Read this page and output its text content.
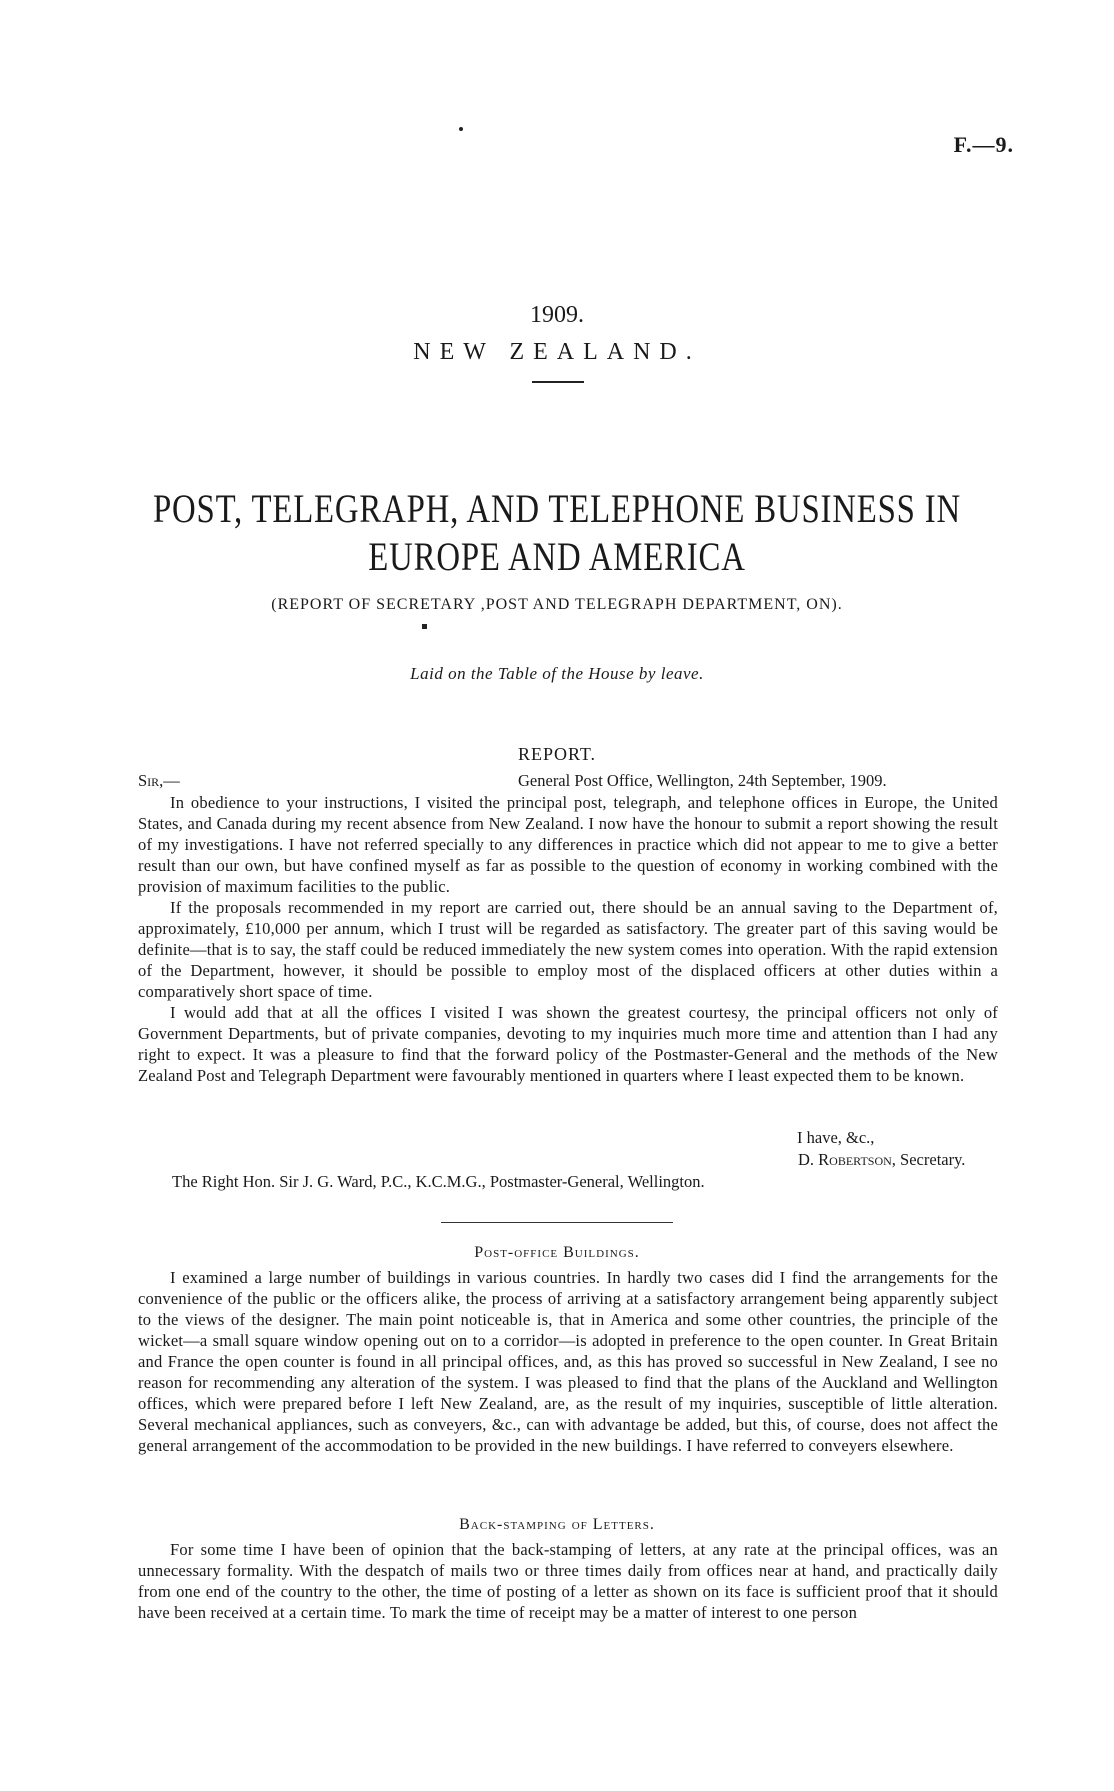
F.—9.
1909.
NEW ZEALAND.
POST, TELEGRAPH, AND TELEPHONE BUSINESS IN
EUROPE AND AMERICA
(REPORT OF SECRETARY ,POST AND TELEGRAPH DEPARTMENT, ON).
Laid on the Table of the House by leave.
REPORT.
Sir,—	General Post Office, Wellington, 24th September, 1909.

In obedience to your instructions, I visited the principal post, telegraph, and telephone offices in Europe, the United States, and Canada during my recent absence from New Zealand. I now have the honour to submit a report showing the result of my investigations. I have not referred specially to any differences in practice which did not appear to me to give a better result than our own, but have confined myself as far as possible to the question of economy in working combined with the provision of maximum facilities to the public.

If the proposals recommended in my report are carried out, there should be an annual saving to the Department of, approximately, £10,000 per annum, which I trust will be regarded as satisfactory. The greater part of this saving would be definite—that is to say, the staff could be reduced immediately the new system comes into operation. With the rapid extension of the Department, however, it should be possible to employ most of the displaced officers at other duties within a comparatively short space of time.

I would add that at all the offices I visited I was shown the greatest courtesy, the principal officers not only of Government Departments, but of private companies, devoting to my inquiries much more time and attention than I had any right to expect. It was a pleasure to find that the forward policy of the Postmaster-General and the methods of the New Zealand Post and Telegraph Department were favourably mentioned in quarters where I least expected them to be known.

I have, &c.,
D. Robertson, Secretary.
The Right Hon. Sir J. G. Ward, P.C., K.C.M.G., Postmaster-General, Wellington.
Post-office Buildings.

I examined a large number of buildings in various countries. In hardly two cases did I find the arrangements for the convenience of the public or the officers alike, the process of arriving at a satisfactory arrangement being apparently subject to the views of the designer. The main point noticeable is, that in America and some other countries, the principle of the wicket—a small square window opening out on to a corridor—is adopted in preference to the open counter. In Great Britain and France the open counter is found in all principal offices, and, as this has proved so successful in New Zealand, I see no reason for recommending any alteration of the system. I was pleased to find that the plans of the Auckland and Wellington offices, which were prepared before I left New Zealand, are, as the result of my inquiries, susceptible of little alteration. Several mechanical appliances, such as conveyers, &c., can with advantage be added, but this, of course, does not affect the general arrangement of the accommodation to be provided in the new buildings. I have referred to conveyers elsewhere.

Back-stamping of Letters.

For some time I have been of opinion that the back-stamping of letters, at any rate at the principal offices, was an unnecessary formality. With the despatch of mails two or three times daily from offices near at hand, and practically daily from one end of the country to the other, the time of posting of a letter as shown on its face is sufficient proof that it should have been received at a certain time. To mark the time of receipt may be a matter of interest to one person
